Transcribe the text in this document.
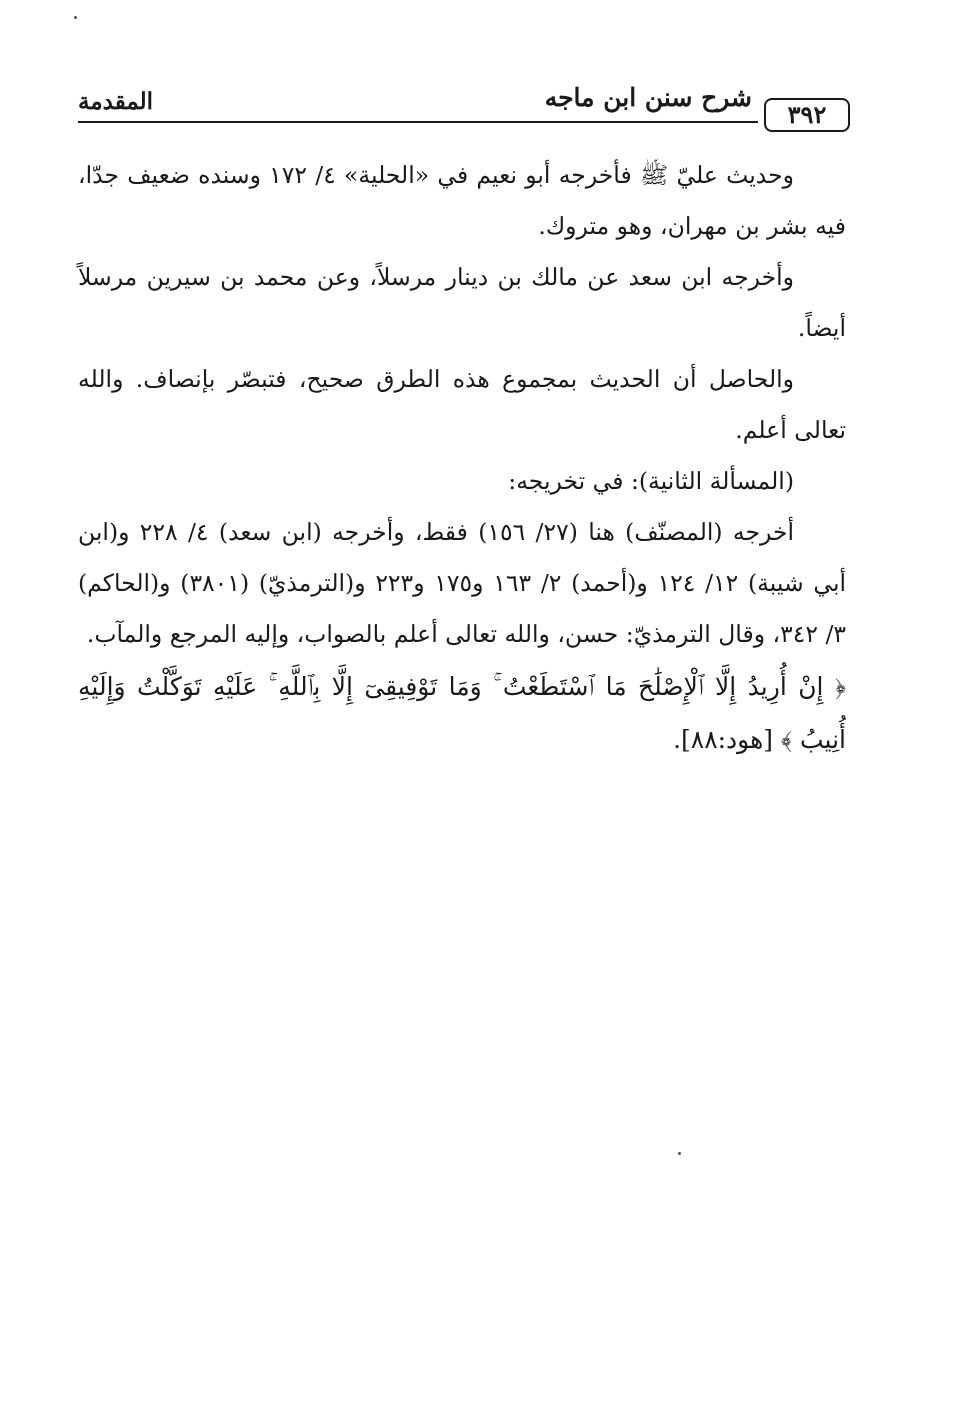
٣٩٢
شرح سنن ابن ماجه
المقدمة

وحديث عليّ ﷺ فأخرجه أبو نعيم في «الحلية» ٤/ ١٧٢ وسنده ضعيف جدّا، فيه بشر بن مهران، وهو متروك.

وأخرجه ابن سعد عن مالك بن دينار مرسلاً، وعن محمد بن سيرين مرسلاً أيضاً.

والحاصل أن الحديث بمجموع هذه الطرق صحيح، فتبصّر بإنصاف. والله تعالى أعلم.

(المسألة الثانية): في تخريجه:

أخرجه (المصنّف) هنا (٢٧/ ١٥٦) فقط، وأخرجه (ابن سعد) ٤/ ٢٢٨ و(ابن أبي شيبة) ١٢/ ١٢٤ و(أحمد) ٢/ ١٦٣ و١٧٥ و٢٢٣ و(الترمذيّ) (٣٨٠١) و(الحاكم) ٣/ ٣٤٢، وقال الترمذيّ: حسن، والله تعالى أعلم بالصواب، وإليه المرجع والمآب.

﴿ إِنْ أُرِيدُ إِلَّا ٱلْإِصْلَٰحَ مَا ٱسْتَطَعْتُ ۚ وَمَا تَوْفِيقِىٓ إِلَّا بِٱللَّهِ ۚ عَلَيْهِ تَوَكَّلْتُ وَإِلَيْهِ أُنِيبُ ﴾ [هود:٨٨].
